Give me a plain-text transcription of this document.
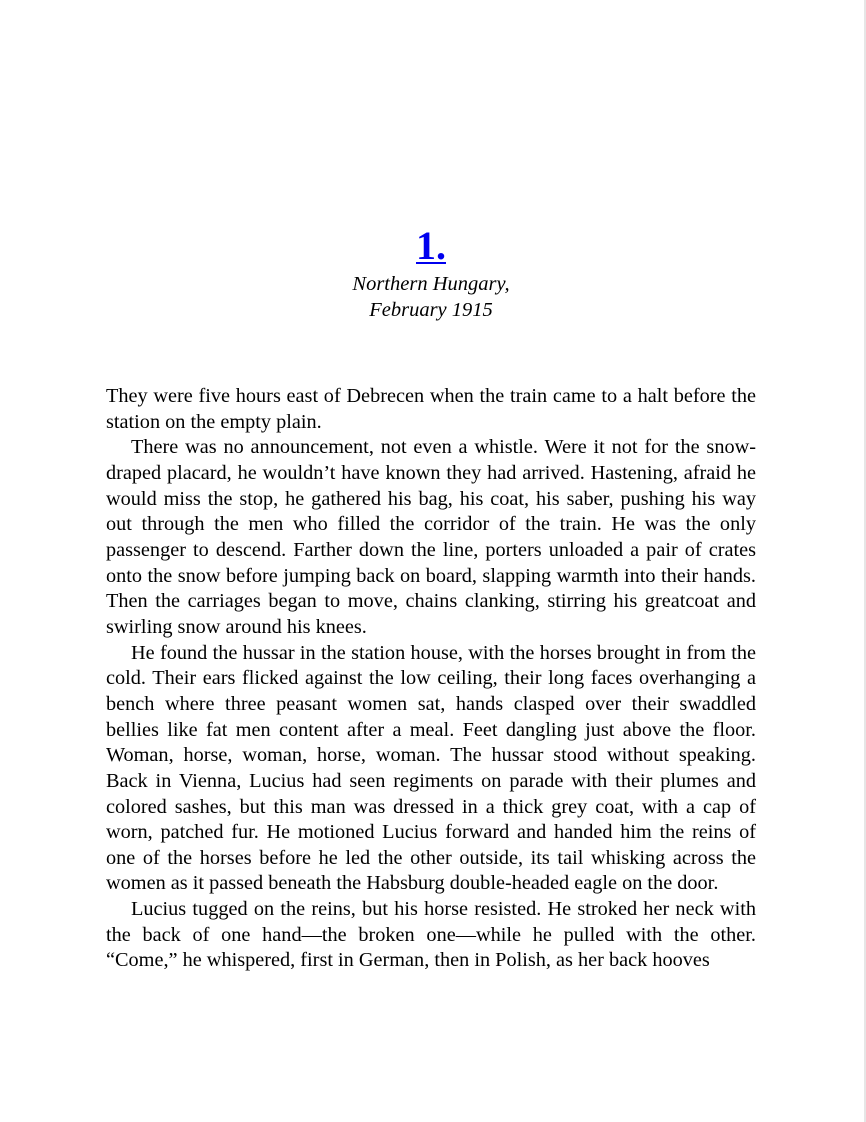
1.
Northern Hungary,
February 1915

They were five hours east of Debrecen when the train came to a halt before the station on the empty plain.

There was no announcement, not even a whistle. Were it not for the snow-draped placard, he wouldn’t have known they had arrived. Hastening, afraid he would miss the stop, he gathered his bag, his coat, his saber, pushing his way out through the men who filled the corridor of the train. He was the only passenger to descend. Farther down the line, porters unloaded a pair of crates onto the snow before jumping back on board, slapping warmth into their hands. Then the carriages began to move, chains clanking, stirring his greatcoat and swirling snow around his knees.

He found the hussar in the station house, with the horses brought in from the cold. Their ears flicked against the low ceiling, their long faces overhanging a bench where three peasant women sat, hands clasped over their swaddled bellies like fat men content after a meal. Feet dangling just above the floor. Woman, horse, woman, horse, woman. The hussar stood without speaking. Back in Vienna, Lucius had seen regiments on parade with their plumes and colored sashes, but this man was dressed in a thick grey coat, with a cap of worn, patched fur. He motioned Lucius forward and handed him the reins of one of the horses before he led the other outside, its tail whisking across the women as it passed beneath the Habsburg double-headed eagle on the door.

Lucius tugged on the reins, but his horse resisted. He stroked her neck with the back of one hand—the broken one—while he pulled with the other. “Come,” he whispered, first in German, then in Polish, as her back hooves
